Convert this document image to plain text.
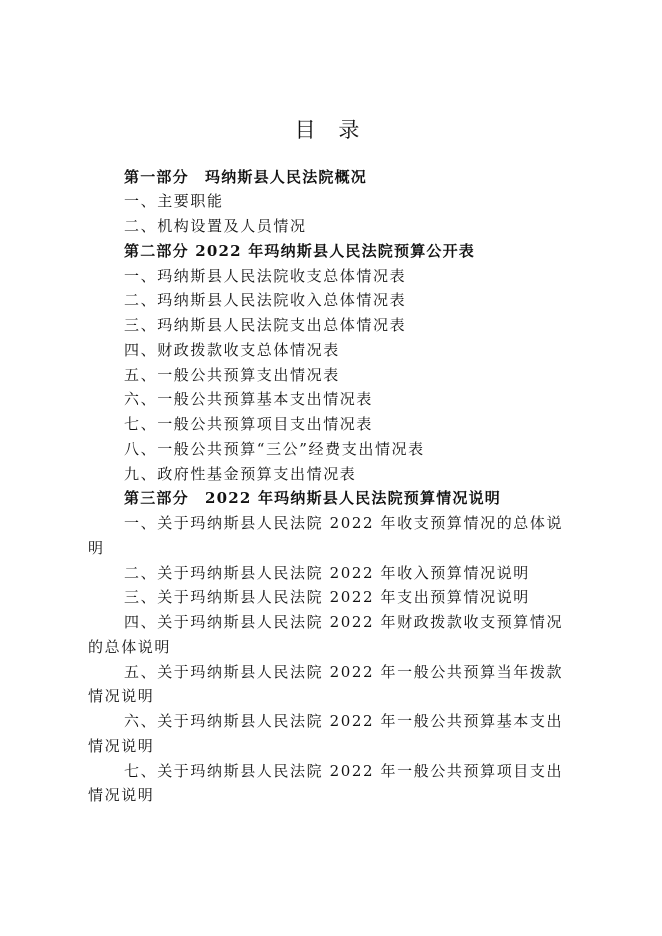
目 录
第一部分　玛纳斯县人民法院概况
一、主要职能
二、机构设置及人员情况
第二部分 2022 年玛纳斯县人民法院预算公开表
一、玛纳斯县人民法院收支总体情况表
二、玛纳斯县人民法院收入总体情况表
三、玛纳斯县人民法院支出总体情况表
四、财政拨款收支总体情况表
五、一般公共预算支出情况表
六、一般公共预算基本支出情况表
七、一般公共预算项目支出情况表
八、一般公共预算“三公”经费支出情况表
九、政府性基金预算支出情况表
第三部分　2022 年玛纳斯县人民法院预算情况说明
一、关于玛纳斯县人民法院 2022 年收支预算情况的总体说
明
二、关于玛纳斯县人民法院 2022 年收入预算情况说明
三、关于玛纳斯县人民法院 2022 年支出预算情况说明
四、关于玛纳斯县人民法院 2022 年财政拨款收支预算情况
的总体说明
五、关于玛纳斯县人民法院 2022 年一般公共预算当年拨款
情况说明
六、关于玛纳斯县人民法院 2022 年一般公共预算基本支出
情况说明
七、关于玛纳斯县人民法院 2022 年一般公共预算项目支出
情况说明
